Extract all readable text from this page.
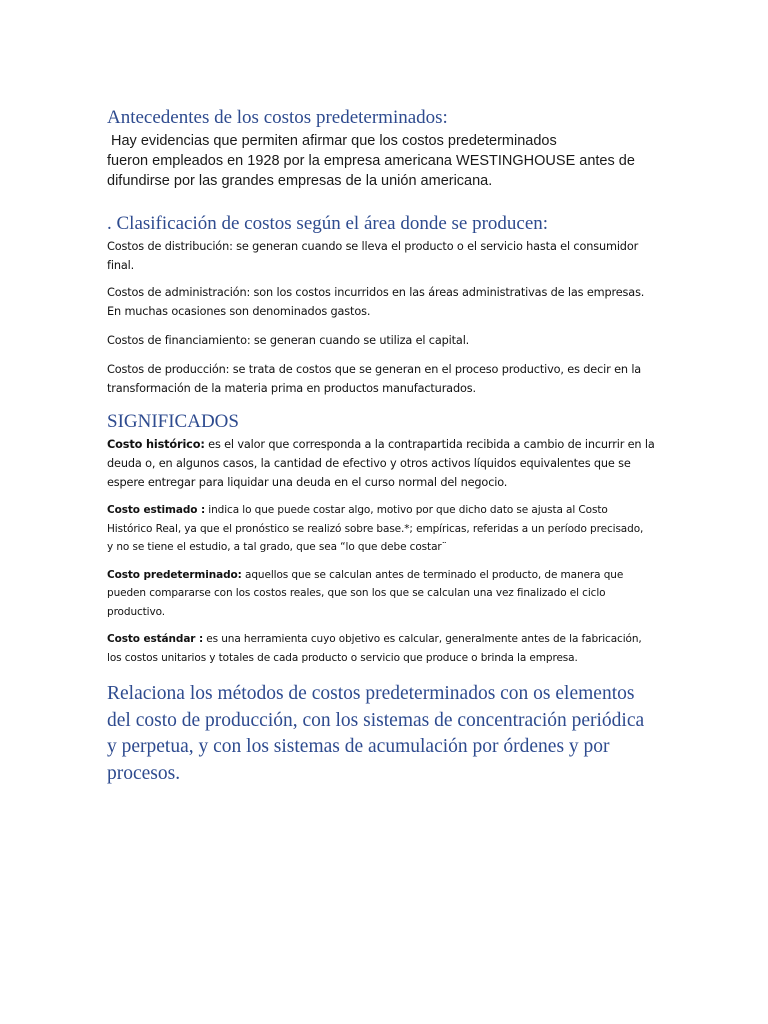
Antecedentes de los costos predeterminados:
Hay evidencias que permiten afirmar que los costos predeterminados
fueron empleados en 1928 por la empresa americana WESTINGHOUSE antes de
difundirse por las grandes empresas de la unión americana.
. Clasificación de costos según el área donde se producen:
Costos de distribución: se generan cuando se lleva el producto o el servicio hasta el consumidor
final.
Costos de administración: son los costos incurridos en las áreas administrativas de las empresas.
En muchas ocasiones son denominados gastos.
Costos de financiamiento: se generan cuando se utiliza el capital.
Costos de producción: se trata de costos que se generan en el proceso productivo, es decir en la
transformación de la materia prima en productos manufacturados.
SIGNIFICADOS
Costo histórico: es el valor que corresponda a la contrapartida recibida a cambio de incurrir en la
deuda o, en algunos casos, la cantidad de efectivo y otros activos líquidos equivalentes que se
espere entregar para liquidar una deuda en el curso normal del negocio.
Costo estimado : indica lo que puede costar algo, motivo por que dicho dato se ajusta al Costo
Histórico Real, ya que el pronóstico se realizó sobre base.*; empíricas, referidas a un período precisado,
y no se tiene el estudio, a tal grado, que sea “lo que debe costar¨
Costo predeterminado: aquellos que se calculan antes de terminado el producto, de manera que
pueden compararse con los costos reales, que son los que se calculan una vez finalizado el ciclo
productivo.
Costo estándar : es una herramienta cuyo objetivo es calcular, generalmente antes de la fabricación,
los costos unitarios y totales de cada producto o servicio que produce o brinda la empresa.
Relaciona los métodos de costos predeterminados con os elementos
del costo de producción, con los sistemas de concentración periódica
y perpetua, y con los sistemas de acumulación por órdenes y por
procesos.
